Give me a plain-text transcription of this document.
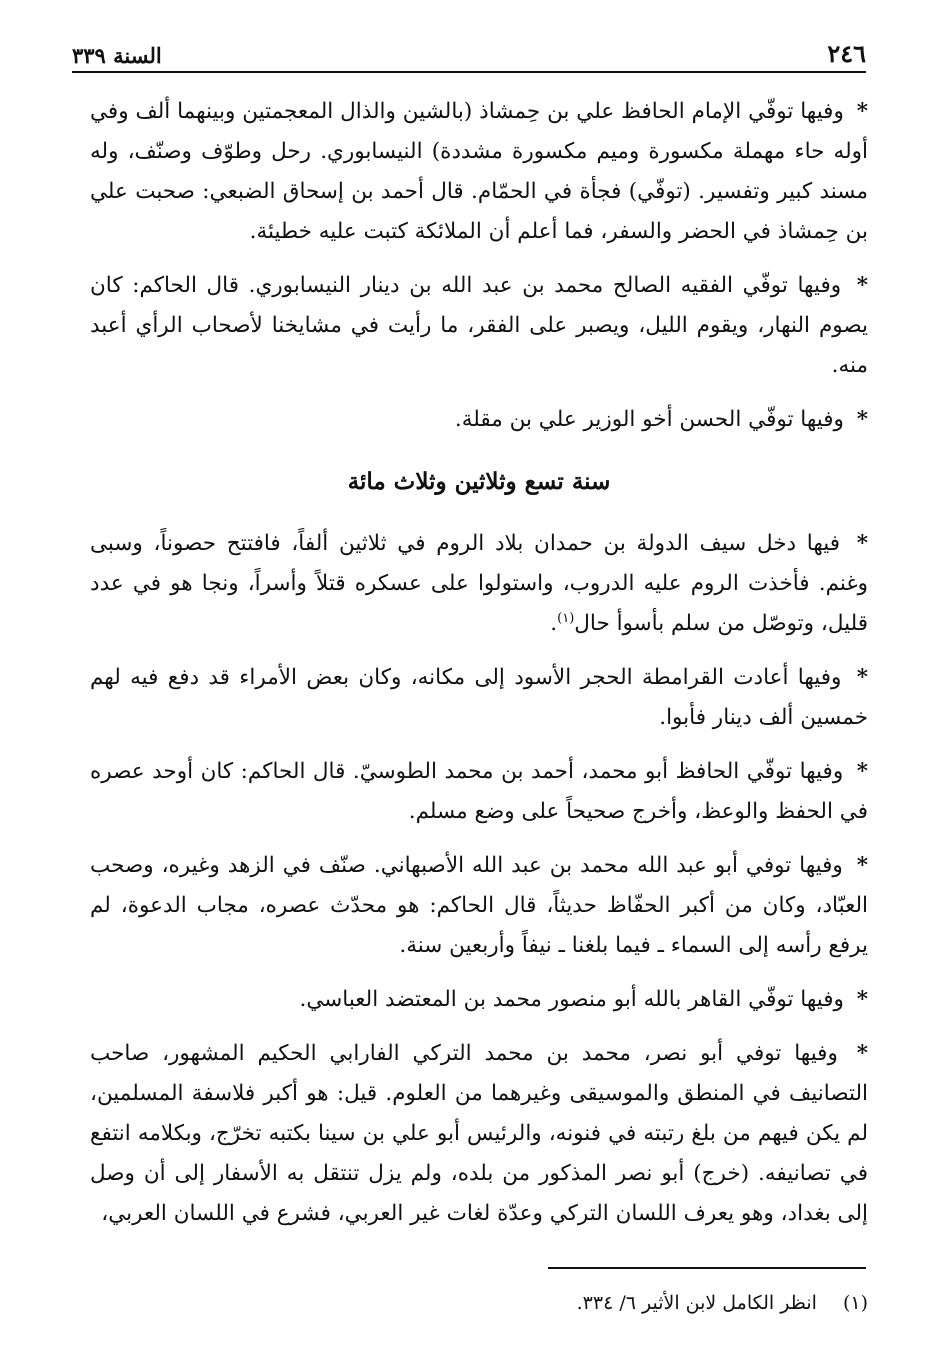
٢٤٦
السنة ٣٣٩

* وفيها توفّي الإمام الحافظ علي بن حِمشاذ (بالشين والذال المعجمتين وبينهما ألف وفي أوله حاء مهملة مكسورة وميم مكسورة مشددة) النيسابوري. رحل وطوّف وصنّف، وله مسند كبير وتفسير. (توفّي) فجأة في الحمّام. قال أحمد بن إسحاق الضبعي: صحبت علي بن حِمشاذ في الحضر والسفر، فما أعلم أن الملائكة كتبت عليه خطيئة.

* وفيها توفّي الفقيه الصالح محمد بن عبد الله بن دينار النيسابوري. قال الحاكم: كان يصوم النهار، ويقوم الليل، ويصبر على الفقر، ما رأيت في مشايخنا لأصحاب الرأي أعبد منه.

* وفيها توفّي الحسن أخو الوزير علي بن مقلة.

سنة تسع وثلاثين وثلاث مائة

* فيها دخل سيف الدولة بن حمدان بلاد الروم في ثلاثين ألفاً، فافتتح حصوناً، وسبى وغنم. فأخذت الروم عليه الدروب، واستولوا على عسكره قتلاً وأسراً، ونجا هو في عدد قليل، وتوصّل من سلم بأسوأ حال$^{(١)}$.

* وفيها أعادت القرامطة الحجر الأسود إلى مكانه، وكان بعض الأمراء قد دفع فيه لهم خمسين ألف دينار فأبوا.

* وفيها توفّي الحافظ أبو محمد، أحمد بن محمد الطوسيّ. قال الحاكم: كان أوحد عصره في الحفظ والوعظ، وأخرج صحيحاً على وضع مسلم.

* وفيها توفي أبو عبد الله محمد بن عبد الله الأصبهاني. صنّف في الزهد وغيره، وصحب العبّاد، وكان من أكبر الحفّاظ حديثاً، قال الحاكم: هو محدّث عصره، مجاب الدعوة، لم يرفع رأسه إلى السماء ـ فيما بلغنا ـ نيفاً وأربعين سنة.

* وفيها توفّي القاهر بالله أبو منصور محمد بن المعتضد العباسي.

* وفيها توفي أبو نصر، محمد بن محمد التركي الفارابي الحكيم المشهور، صاحب التصانيف في المنطق والموسيقى وغيرهما من العلوم. قيل: هو أكبر فلاسفة المسلمين، لم يكن فيهم من بلغ رتبته في فنونه، والرئيس أبو علي بن سينا بكتبه تخرّج، وبكلامه انتفع في تصانيفه. (خرج) أبو نصر المذكور من بلده، ولم يزل تنتقل به الأسفار إلى أن وصل إلى بغداد، وهو يعرف اللسان التركي وعدّة لغات غير العربي، فشرع في اللسان العربي،

(١) انظر الكامل لابن الأثير ٦/ ٣٣٤.
